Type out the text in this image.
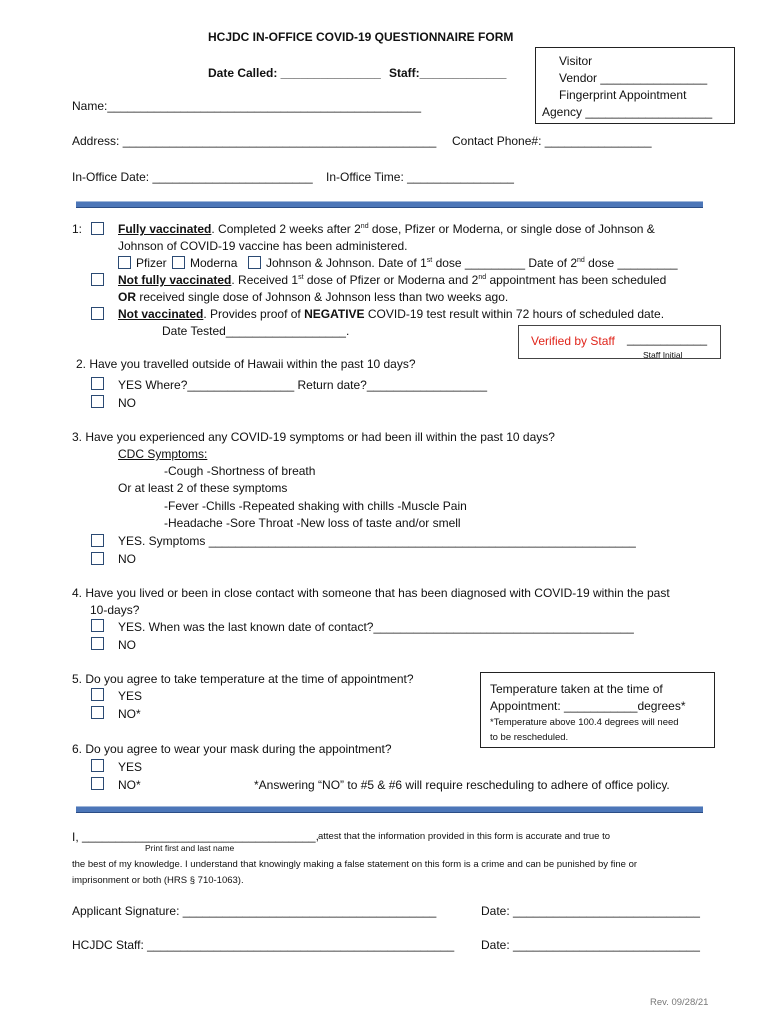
HCJDC IN-OFFICE COVID-19 QUESTIONNAIRE FORM
Date Called: _______________ Staff:_____________
Name:_______________________________________________
Visitor
Vendor ________________
Fingerprint Appointment
Agency ___________________
Address: _______________________________________________ Contact Phone#: ________________
In-Office Date: ________________________ In-Office Time: ________________
1:	Fully vaccinated. Completed 2 weeks after 2nd dose, Pfizer or Moderna, or single dose of Johnson &
Johnson of COVID-19 vaccine has been administered.
Pfizer Moderna Johnson & Johnson. Date of 1st dose _________ Date of 2nd dose _________
Not fully vaccinated. Received 1st dose of Pfizer or Moderna and 2nd appointment has been scheduled
OR received single dose of Johnson & Johnson less than two weeks ago.
Not vaccinated. Provides proof of NEGATIVE COVID-19 test result within 72 hours of scheduled date.
Date Tested__________________.
Verified by Staff ____________
Staff Initial
2. Have you travelled outside of Hawaii within the past 10 days?
YES Where?________________ Return date?__________________
NO
3. Have you experienced any COVID-19 symptoms or had been ill within the past 10 days?
CDC Symptoms:
-Cough -Shortness of breath
Or at least 2 of these symptoms
-Fever -Chills -Repeated shaking with chills -Muscle Pain
-Headache -Sore Throat -New loss of taste and/or smell
YES. Symptoms ________________________________________________________________
NO
4. Have you lived or been in close contact with someone that has been diagnosed with COVID-19 within the past
10-days?
YES. When was the last known date of contact?_______________________________________
NO
5. Do you agree to take temperature at the time of appointment?
YES
NO*
Temperature taken at the time of
Appointment: ___________degrees*
*Temperature above 100.4 degrees will need
to be rescheduled.
6. Do you agree to wear your mask during the appointment?
YES
NO*	*Answering “NO” to #5 & #6 will require rescheduling to adhere of office policy.
I, ___________________________________, attest that the information provided in this form is accurate and true to
Print first and last name
the best of my knowledge. I understand that knowingly making a false statement on this form is a crime and can be punished by fine or
imprisonment or both (HRS § 710-1063).
Applicant Signature: ______________________________________	Date: ____________________________
HCJDC Staff: ______________________________________________ Date: ____________________________
Rev. 09/28/21
